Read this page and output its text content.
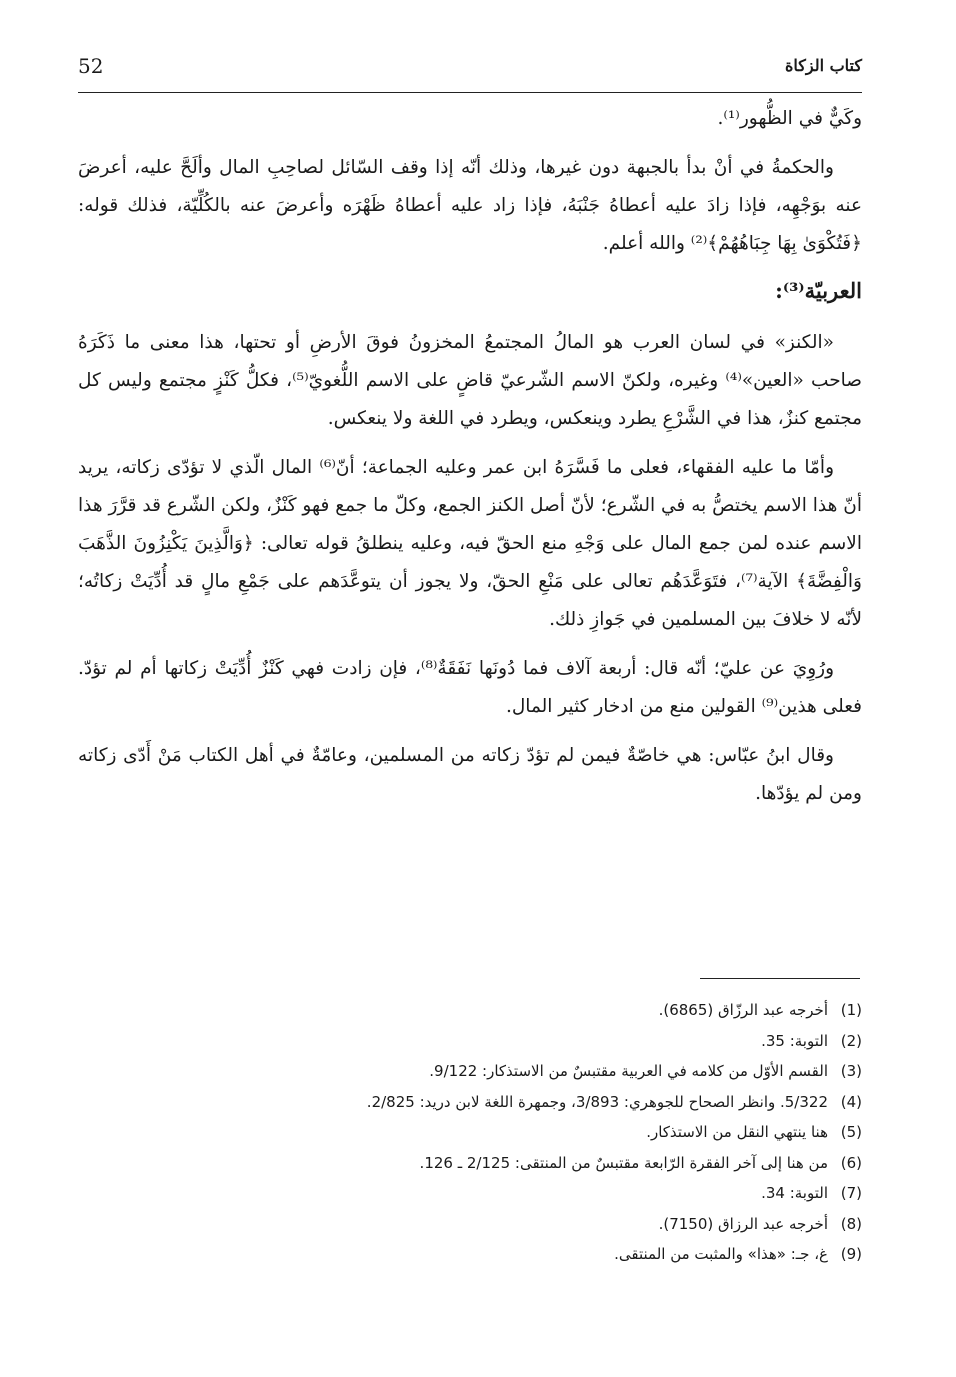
52	كتاب الزكاة

وكَيٌّ في الظُّهور⁽¹⁾.

والحكمةُ في أنْ بدأ بالجبهة دون غيرها، وذلك أنّه إذا وقف السّائل لصاحِبِ المال وألَحَّ عليه، أعرضَ عنه بوَجْهِه، فإذا زادَ عليه أعطاهُ جَنْبَهُ، فإذا زاد عليه أعطاهُ ظَهْرَه وأعرضَ عنه بالكُلِّيّة، فذلك قوله: ﴿فَتُكْوَىٰ بِهَا جِبَاهُهُمْ﴾⁽²⁾ والله أعلم.

العربيّة⁽³⁾:

«الكنز» في لسان العرب هو المالُ المجتمعُ المخزونُ فوقَ الأرضِ أو تحتها، هذا معنى ما ذَكَرَهُ صاحب «العين»⁽⁴⁾ وغيره، ولكنّ الاسم الشّرعيّ قاضٍ على الاسم اللُّغويّ⁽⁵⁾، فكلُّ كَنْزٍ مجتمع وليس كل مجتمع كنزٌ، هذا في الشَّرْعِ يطرد وينعكس، ويطرد في اللغة ولا ينعكس.

وأمّا ما عليه الفقهاء، فعلى ما فَسَّرَهُ ابن عمر وعليه الجماعة؛ أنّ⁽⁶⁾ المال الّذي لا تؤدّى زكاته، يريد أنّ هذا الاسم يختصُّ به في الشّرع؛ لأنّ أصل الكنز الجمع، وكلّ ما جمع فهو كَنْزٌ، ولكن الشّرع قد قرَّرَ هذا الاسم عنده لمن جمع المال على وَجْهِ منع الحقّ فيه، وعليه ينطلقُ قوله تعالى: ﴿وَالَّذِينَ يَكْنِزُونَ الذَّهَبَ وَالْفِضَّةَ﴾ الآية⁽⁷⁾، فتَوَعَّدَهُم تعالى على مَنْعِ الحقّ، ولا يجوز أن يتوعَّدَهم على جَمْعِ مالٍ قد أُدِّيَتْ زكاتُه؛ لأنّه لا خلافَ بين المسلمين في جَوازِ ذلك.

ورُوِيَ عن عليّ؛ أنّه قال: أربعة آلاف فما دُونَها نَفَقَةٌ⁽⁸⁾، فإن زادت فهي كَنْزٌ أُدِّيَتْ زكاتها أم لم تؤدّ. فعلى هذين⁽⁹⁾ القولين منع من ادخار كثير المال.

وقال ابنُ عبّاس: هي خاصّةٌ فيمن لم تؤدّ زكاته من المسلمين، وعامّةٌ في أهل الكتاب مَنْ أَدّى زكاته ومن لم يؤدّها.

(1)أخرجه عبد الرزّاق (6865).
(2)التوبة: 35.
(3)القسم الأوّل من كلامه في العربية مقتبسٌ من الاستذكار: 9/122.
(4)5/322. وانظر الصحاح للجوهري: 3/893، وجمهرة اللغة لابن دريد: 2/825.
(5)هنا ينتهي النقل من الاستذكار.
(6)من هنا إلى آخر الفقرة الرّابعة مقتبسٌ من المنتقى: 2/125 ـ 126.
(7)التوبة: 34.
(8)أخرجه عبد الرزاق (7150).
(9)غ، جـ: «هذا» والمثبت من المنتقى.
